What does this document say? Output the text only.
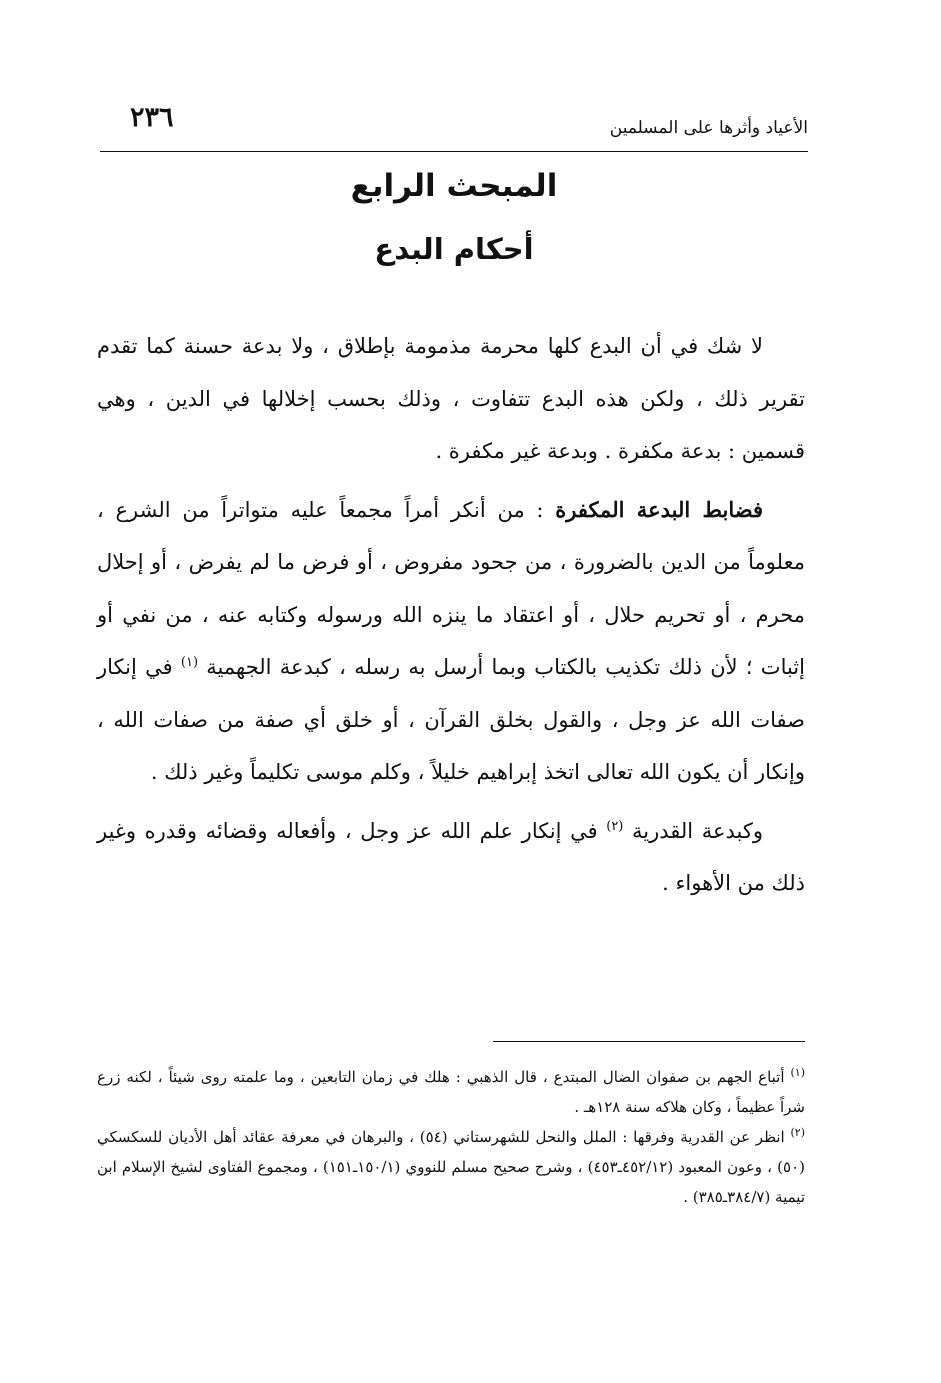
٢٣٦	الأعياد وأثرها على المسلمين
المبحث الرابع
أحكام البدع

لا شك في أن البدع كلها محرمة مذمومة بإطلاق ، ولا بدعة حسنة كما تقدم تقرير ذلك ، ولكن هذه البدع تتفاوت ، وذلك بحسب إخلالها في الدين ، وهي قسمين : بدعة مكفرة . وبدعة غير مكفرة .

فضابط البدعة المكفرة : من أنكر أمراً مجمعاً عليه متواتراً من الشرع ، معلوماً من الدين بالضرورة ، من جحود مفروض ، أو فرض ما لم يفرض ، أو إحلال محرم ، أو تحريم حلال ، أو اعتقاد ما ينزه الله ورسوله وكتابه عنه ، من نفي أو إثبات ؛ لأن ذلك تكذيب بالكتاب وبما أرسل به رسله ، كبدعة الجهمية $^{(١)}$ في إنكار صفات الله عز وجل ، والقول بخلق القرآن ، أو خلق أي صفة من صفات الله ، وإنكار أن يكون الله تعالى اتخذ إبراهيم خليلاً ، وكلم موسى تكليماً وغير ذلك .

وكبدعة القدرية $^{(٢)}$ في إنكار علم الله عز وجل ، وأفعاله وقضائه وقدره وغير ذلك من الأهواء .

$^{(١)}$ أتباع الجهم بن صفوان الضال المبتدع ، قال الذهبي : هلك في زمان التابعين ، وما علمته روى شيئاً ، لكنه زرع شراً عظيماً ، وكان هلاكه سنة ١٢٨هـ .

$^{(٢)}$ انظر عن القدرية وفرقها : الملل والنحل للشهرستاني (٥٤) ، والبرهان في معرفة عقائد أهل الأديان للسكسكي (٥٠) ، وعون المعبود (٤٥٢/١٢ـ٤٥٣) ، وشرح صحيح مسلم للنووي (١٥٠/١ـ١٥١) ، ومجموع الفتاوى لشيخ الإسلام ابن تيمية (٣٨٤/٧ـ٣٨٥) .
